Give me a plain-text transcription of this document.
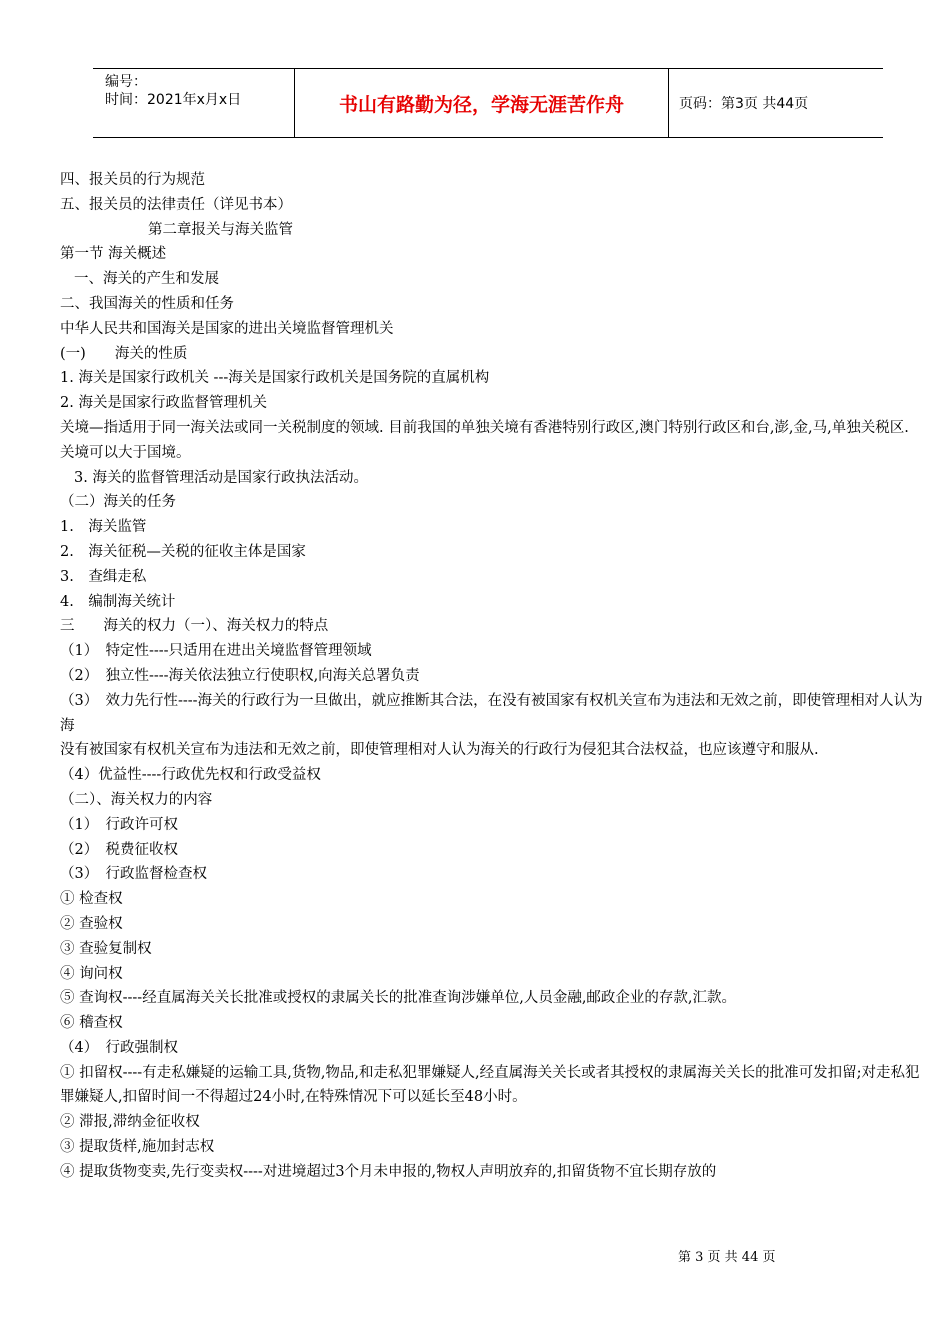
编号：
时间：2021年x月x日	书山有路勤为径，学海无涯苦作舟	页码：第3页 共44页
四、报关员的行为规范
五、报关员的法律责任（详见书本）
第二章报关与海关监管
第一节 海关概述
一、海关的产生和发展
二、我国海关的性质和任务
中华人民共和国海关是国家的进出关境监督管理机关
(一)　　海关的性质
1. 海关是国家行政机关 ---海关是国家行政机关是国务院的直属机构
2. 海关是国家行政监督管理机关
关境—指适用于同一海关法或同一关税制度的领域. 目前我国的单独关境有香港特别行政区,澳门特别行政区和台,澎,金,马,单独关税区.
关境可以大于国境。
3. 海关的监督管理活动是国家行政执法活动。
（二）海关的任务
1.　海关监管
2.　海关征税—关税的征收主体是国家
3.　查缉走私
4.　编制海关统计
三　　海关的权力（一）、海关权力的特点
（1）　特定性----只适用在进出关境监督管理领域
（2）　独立性----海关依法独立行使职权,向海关总署负责
（3）　效力先行性----海关的行政行为一旦做出，就应推断其合法，在没有被国家有权机关宣布为违法和无效之前，即使管理相对人认为海
没有被国家有权机关宣布为违法和无效之前，即使管理相对人认为海关的行政行为侵犯其合法权益，也应该遵守和服从.
（4）优益性----行政优先权和行政受益权
（二）、海关权力的内容
（1）　行政许可权
（2）　税费征收权
（3）　行政监督检查权
① 检查权
② 查验权
③ 查验复制权
④ 询问权
⑤ 查询权----经直属海关关长批准或授权的隶属关长的批准查询涉嫌单位,人员金融,邮政企业的存款,汇款。
⑥ 稽查权
（4）　行政强制权
① 扣留权----有走私嫌疑的运输工具,货物,物品,和走私犯罪嫌疑人,经直属海关关长或者其授权的隶属海关关长的批准可发扣留;对走私犯罪嫌疑人,扣留时间一不得超过24小时,在特殊情况下可以延长至48小时。
② 滞报,滞纳金征收权
③ 提取货样,施加封志权
④ 提取货物变卖,先行变卖权----对进境超过3个月未申报的,物权人声明放弃的,扣留货物不宜长期存放的
第 3 页 共 44 页
